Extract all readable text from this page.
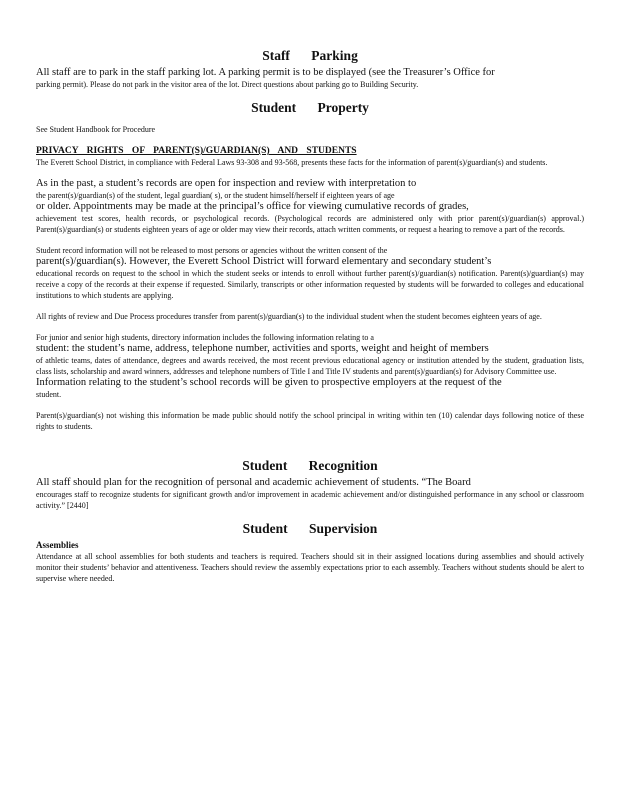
Staff Parking

All staff are to park in the staff parking lot. A parking permit is to be displayed (see the Treasurer’s Office for

parking permit). Please do not park in the visitor area of the lot. Direct questions about parking go to Building Security.

Student Property

See Student Handbook for Procedure

PRIVACY RIGHTS OF PARENT(S)/GUARDIAN(S) AND STUDENTS

The Everett School District, in compliance with Federal Laws 93-308 and 93-568, presents these facts for the information of parent(s)/guardian(s) and students.

As in the past, a student’s records are open for inspection and review with interpretation to

the parent(s)/guardian(s) of the student, legal guardian( s), or the student himself/herself if eighteen years of age

or older. Appointments may be made at the principal’s office for viewing cumulative records of grades,

achievement test scores, health records, or psychological records. (Psychological records are administered only with prior parent(s)/guardian(s) approval.) Parent(s)/guardian(s) or students eighteen years of age or older may view their records, attach written comments, or request a hearing to remove a part of the records.

Student record information will not be released to most persons or agencies without the written consent of the

parent(s)/guardian(s). However, the Everett School District will forward elementary and secondary student’s

educational records on request to the school in which the student seeks or intends to enroll without further parent(s)/guardian(s) notification. Parent(s)/guardian(s) may receive a copy of the records at their expense if requested. Similarly, transcripts or other information requested by students will be forwarded to colleges and educational institutions to which students are applying.

All rights of review and Due Process procedures transfer from parent(s)/guardian(s) to the individual student when the student becomes eighteen years of age.

For junior and senior high students, directory information includes the following information relating to a

student: the student’s name, address, telephone number, activities and sports, weight and height of members

of athletic teams, dates of attendance, degrees and awards received, the most recent previous educational agency or institution attended by the student, graduation lists, class lists, scholarship and award winners, addresses and telephone numbers of Title I and Title IV students and parent(s)/guardian(s) for Advisory Committee use.

Information relating to the student’s school records will be given to prospective employers at the request of the

student.

Parent(s)/guardian(s) not wishing this information be made public should notify the school principal in writing within ten (10) calendar days following notice of these rights to students.

Student Recognition

All staff should plan for the recognition of personal and academic achievement of students. “The Board

encourages staff to recognize students for significant growth and/or improvement in academic achievement and/or distinguished performance in any school or classroom activity.” [2440]

Student Supervision

Assemblies

Attendance at all school assemblies for both students and teachers is required. Teachers should sit in their assigned locations during assemblies and should actively monitor their students’ behavior and attentiveness. Teachers should review the assembly expectations prior to each assembly. Teachers without students should be alert to supervise where needed.
